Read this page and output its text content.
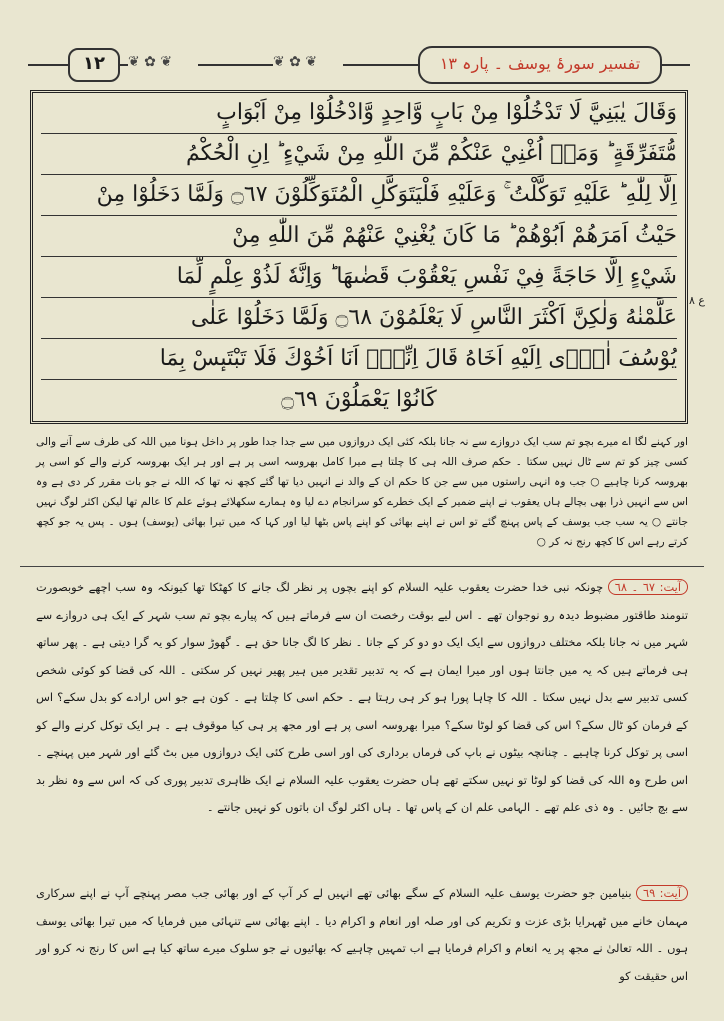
❦ ✿ ❦	❦ ✿ ❦
١٢	تفسیر سورۂ یوسف ۔ پارہ ١٣
وَقَالَ يٰبَنِيَّ لَا تَدْخُلُوْا مِنْ بَابٍ وَّاحِدٍ وَّادْخُلُوْا مِنْ اَبْوَابٍ
مُّتَفَرِّقَةٍ ؕ وَمَاۤ اُغْنِيْ عَنْكُمْ مِّنَ اللّٰهِ مِنْ شَيْءٍ ؕ اِنِ الْحُكْمُ
اِلَّا لِلّٰهِ ؕ عَلَيْهِ تَوَكَّلْتُ ۚ وَعَلَيْهِ فَلْيَتَوَكَّلِ الْمُتَوَكِّلُوْنَ ۝٦٧ وَلَمَّا دَخَلُوْا مِنْ
حَيْثُ اَمَرَهُمْ اَبُوْهُمْ ؕ مَا كَانَ يُغْنِيْ عَنْهُمْ مِّنَ اللّٰهِ مِنْ
شَيْءٍ اِلَّا حَاجَةً فِيْ نَفْسِ يَعْقُوْبَ قَضٰىهَا ؕ وَاِنَّهٗ لَذُوْ عِلْمٍ لِّمَا
عَلَّمْنٰهُ وَلٰكِنَّ اَكْثَرَ النَّاسِ لَا يَعْلَمُوْنَ ۝٦٨ وَلَمَّا دَخَلُوْا عَلٰى
يُوْسُفَ اٰوٰۤى اِلَيْهِ اَخَاهُ قَالَ اِنِّيْۤ اَنَا اَخُوْكَ فَلَا تَبْتَىٕسْ بِمَا
كَانُوْا يَعْمَلُوْنَ ۝٦٩
ع ٨
اور کہنے لگا اے میرے بچو تم سب ایک دروازے سے نہ جانا بلکہ کئی ایک دروازوں میں سے جدا جدا طور پر داخل ہونا میں اللہ کی طرف سے آنے والی کسی چیز کو تم سے ٹال نہیں سکتا ۔ حکم صرف اللہ ہی کا چلتا ہے میرا کامل بھروسہ اسی پر ہے اور ہر ایک بھروسہ کرنے والے کو اسی پر بھروسہ کرنا چاہیے ○ جب وہ انہی راستوں میں سے جن کا حکم ان کے والد نے انہیں دیا تھا گئے کچھ نہ تھا کہ اللہ نے جو بات مقرر کر دی ہے وہ اس سے انہیں ذرا بھی بچالے ہاں یعقوب نے اپنے ضمیر کے ایک خطرے کو سرانجام دے لیا وہ ہمارے سکھلائے ہوئے علم کا عالم تھا لیکن اکثر لوگ نہیں جانتے ○ یہ سب جب یوسف کے پاس پہنچ گئے تو اس نے اپنے بھائی کو اپنے پاس بٹھا لیا اور کہا کہ میں تیرا بھائی (یوسف) ہوں ۔ پس یہ جو کچھ کرتے رہے اس کا کچھ رنج نہ کر ○
آیت: ٦٧ ۔ ٦٨ چونکہ نبی خدا حضرت یعقوب علیہ السلام کو اپنے بچوں پر نظر لگ جانے کا کھٹکا تھا کیونکہ وہ سب اچھے خوبصورت تنومند طاقتور مضبوط دیدہ رو نوجوان تھے ۔ اس لیے بوقت رخصت ان سے فرماتے ہیں کہ پیارے بچو تم سب شہر کے ایک ہی دروازے سے شہر میں نہ جانا بلکہ مختلف دروازوں سے ایک ایک دو دو کر کے جانا ۔ نظر کا لگ جانا حق ہے ۔ گھوڑ سوار کو یہ گرا دیتی ہے ۔ پھر ساتھ ہی فرماتے ہیں کہ یہ میں جانتا ہوں اور میرا ایمان ہے کہ یہ تدبیر تقدیر میں ہیر پھیر نہیں کر سکتی ۔ اللہ کی قضا کو کوئی شخص کسی تدبیر سے بدل نہیں سکتا ۔ اللہ کا چاہا پورا ہو کر ہی رہتا ہے ۔ حکم اسی کا چلتا ہے ۔ کون ہے جو اس ارادے کو بدل سکے؟ اس کے فرمان کو ٹال سکے؟ اس کی قضا کو لوٹا سکے؟ میرا بھروسہ اسی پر ہے اور مجھ پر ہی کیا موقوف ہے ۔ ہر ایک توکل کرنے والے کو اسی پر توکل کرنا چاہیے ۔ چنانچہ بیٹوں نے باپ کی فرماں برداری کی اور اسی طرح کئی ایک دروازوں میں بٹ گئے اور شہر میں پہنچے ۔ اس طرح وہ اللہ کی قضا کو لوٹا تو نہیں سکتے تھے ہاں حضرت یعقوب علیہ السلام نے ایک ظاہری تدبیر پوری کی کہ اس سے وہ نظر بد سے بچ جائیں ۔ وہ ذی علم تھے ۔ الہامی علم ان کے پاس تھا ۔ ہاں اکثر لوگ ان باتوں کو نہیں جانتے ۔
آیت: ٦٩ بنیامین جو حضرت یوسف علیہ السلام کے سگے بھائی تھے انہیں لے کر آپ کے اور بھائی جب مصر پہنچے آپ نے اپنے سرکاری مہمان خانے میں ٹھہرایا بڑی عزت و تکریم کی اور صلہ اور انعام و اکرام دیا ۔ اپنے بھائی سے تنہائی میں فرمایا کہ میں تیرا بھائی یوسف ہوں ۔ اللہ تعالیٰ نے مجھ پر یہ انعام و اکرام فرمایا ہے اب تمہیں چاہیے کہ بھائیوں نے جو سلوک میرے ساتھ کیا ہے اس کا رنج نہ کرو اور اس حقیقت کو
